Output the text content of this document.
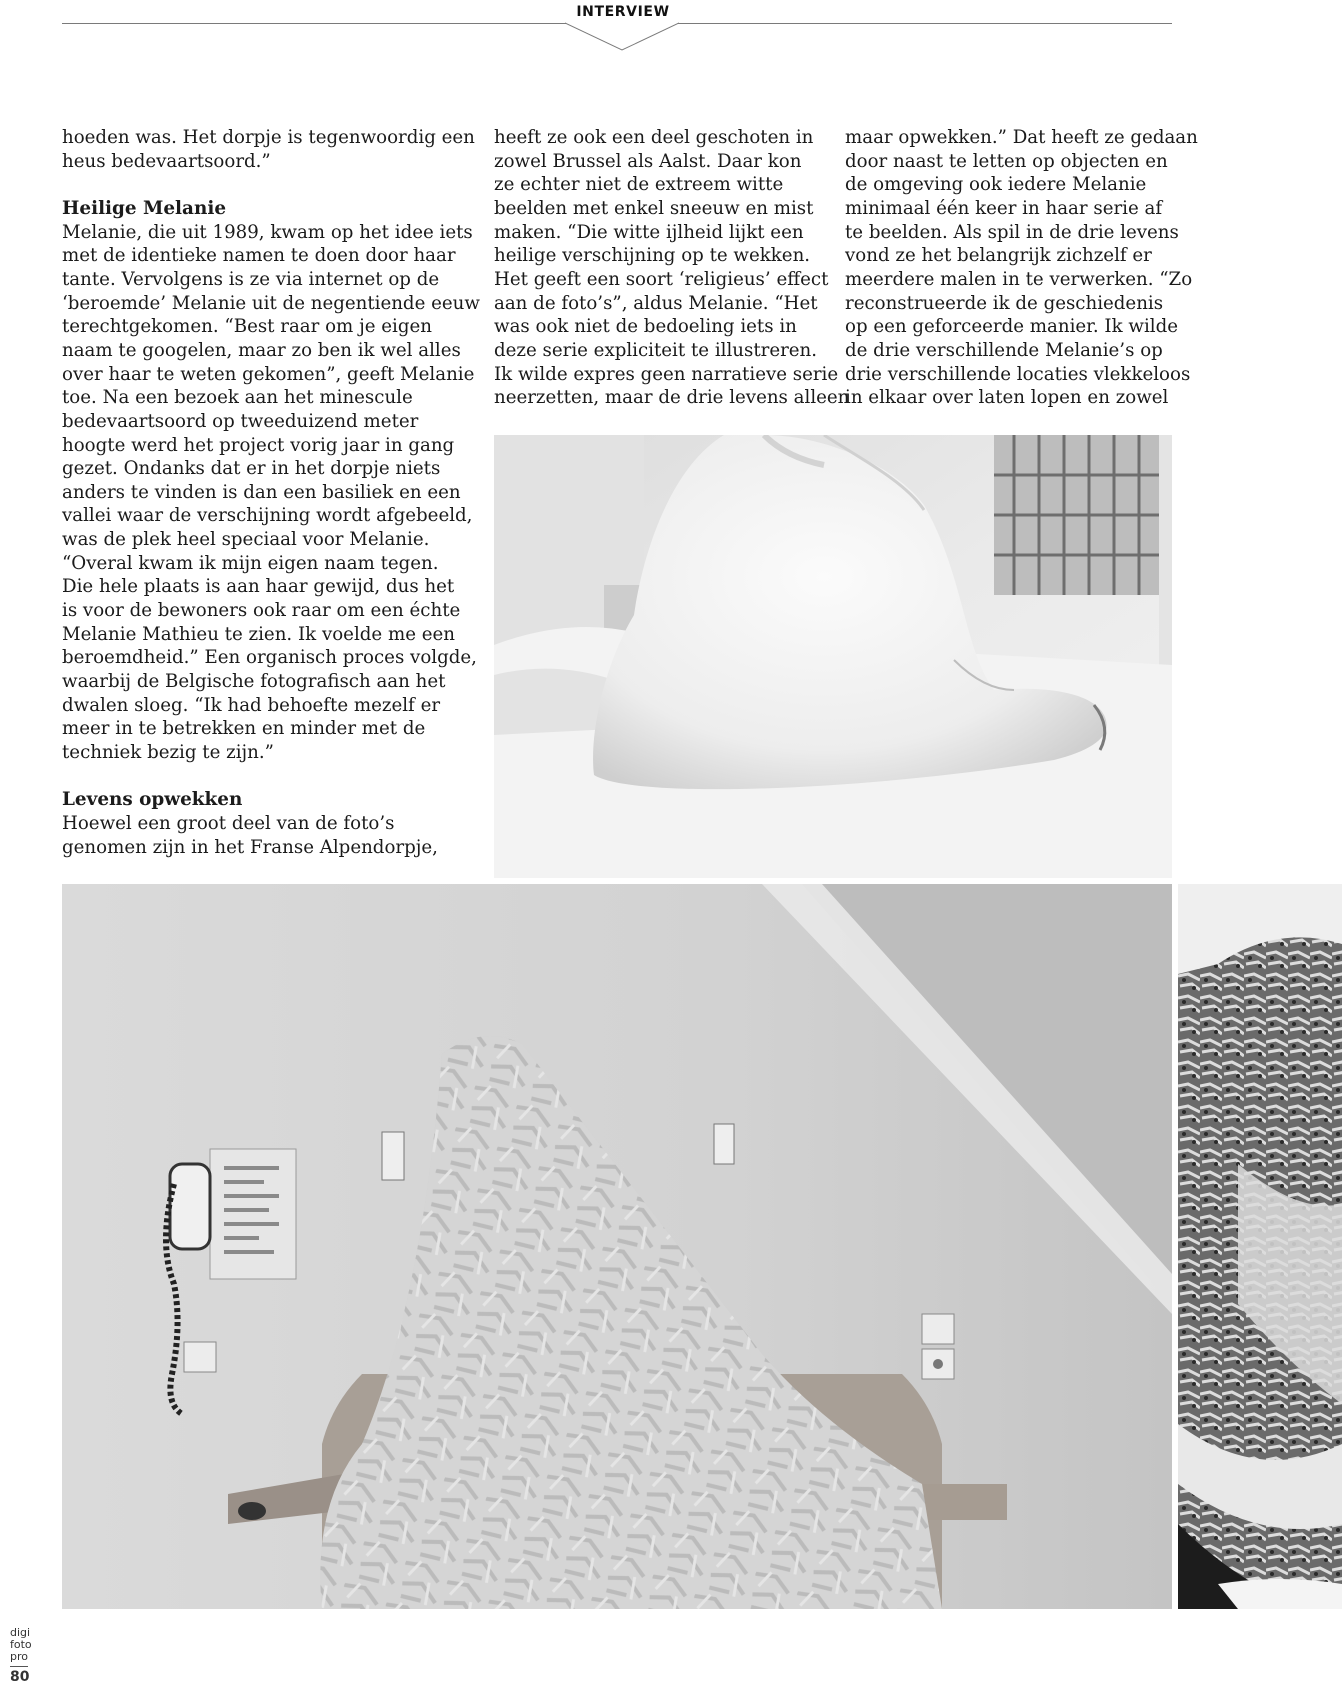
INTERVIEW

hoeden was. Het dorpje is tegenwoordig een

heus bedevaartsoord.”

Heilige Melanie

Melanie, die uit 1989, kwam op het idee iets

met de identieke namen te doen door haar

tante. Vervolgens is ze via internet op de

‘beroemde’ Melanie uit de negentiende eeuw

terechtgekomen. “Best raar om je eigen

naam te googelen, maar zo ben ik wel alles

over haar te weten gekomen”, geeft Melanie

toe. Na een bezoek aan het minescule

bedevaartsoord op tweeduizend meter

hoogte werd het project vorig jaar in gang

gezet. Ondanks dat er in het dorpje niets

anders te vinden is dan een basiliek en een

vallei waar de verschijning wordt afgebeeld,

was de plek heel speciaal voor Melanie.

“Overal kwam ik mijn eigen naam tegen.

Die hele plaats is aan haar gewijd, dus het

is voor de bewoners ook raar om een échte

Melanie Mathieu te zien. Ik voelde me een

beroemdheid.” Een organisch proces volgde,

waarbij de Belgische fotografisch aan het

dwalen sloeg. “Ik had behoefte mezelf er

meer in te betrekken en minder met de

techniek bezig te zijn.”

Levens opwekken

Hoewel een groot deel van de foto’s

genomen zijn in het Franse Alpendorpje,

heeft ze ook een deel geschoten in

zowel Brussel als Aalst. Daar kon

ze echter niet de extreem witte

beelden met enkel sneeuw en mist

maken. “Die witte ijlheid lijkt een

heilige verschijning op te wekken.

Het geeft een soort ‘religieus’ effect

aan de foto’s”, aldus Melanie. “Het

was ook niet de bedoeling iets in

deze serie expliciteit te illustreren.

Ik wilde expres geen narratieve serie

neerzetten, maar de drie levens alleen

maar opwekken.” Dat heeft ze gedaan

door naast te letten op objecten en

de omgeving ook iedere Melanie

minimaal één keer in haar serie af

te beelden. Als spil in de drie levens

vond ze het belangrijk zichzelf er

meerdere malen in te verwerken. “Zo

reconstrueerde ik de geschiedenis

op een geforceerde manier. Ik wilde

de drie verschillende Melanie’s op

drie verschillende locaties vlekkeloos

in elkaar over laten lopen en zowel

digi
foto
pro
80
